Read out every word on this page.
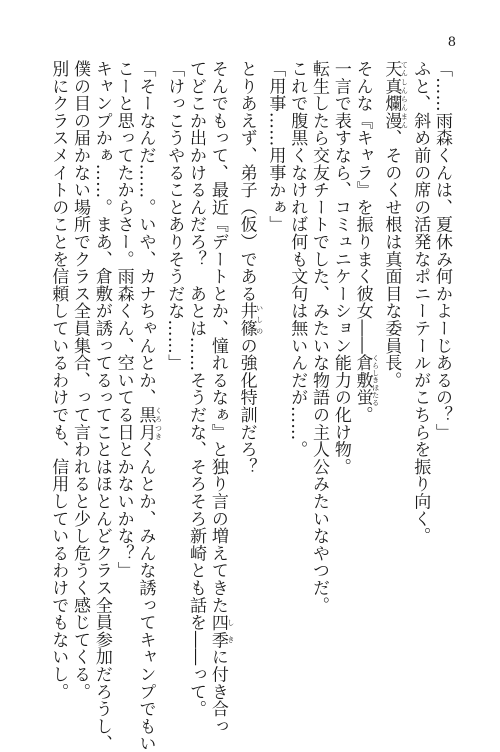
8

「……雨森くんは、夏休み何かよーじあるの？」

ふと、斜め前の席の活発なポニーテールがこちらを振り向く。

天真爛漫 てんしんらんまん、そのくせ根は真面目な委員長。

そんな『キャラ』を振りまく彼女――倉敷蛍 くらしきほたる。

一言で表すなら、コミュニケーション能力の化け物。

転生したら交友チートでした、みたいな物語の主人公みたいなやつだ。

これで腹黒くなければ何も文句は無いんだが……。

「用事……用事かぁ」

とりあえず、弟子（仮）である井篠 いしのの強化特訓だろ？

そんでもって、最近『デートとか、憧れるなぁ』と独り言の増えてきた四季 しきに付き合っ

てどこか出かけるんだろ？　あとは……そうだな、そろそろ新崎とも話を――って。

「けっこうやることありそうだな……」

「そーなんだ……。いや、カナちゃんとか、黒月 くろつきくんとか、みんな誘ってキャンプでもい

こーと思ってたからさー。雨森くん、空いてる日とかないかな？」

キャンプかぁ……。まあ、倉敷が誘ってるってことはほとんどクラス全員参加だろうし、

僕の目の届かない場所でクラス全員集合、って言われると少し危うく感じてくる。

別にクラスメイトのことを信頼しているわけでも、信用しているわけでもないし。
